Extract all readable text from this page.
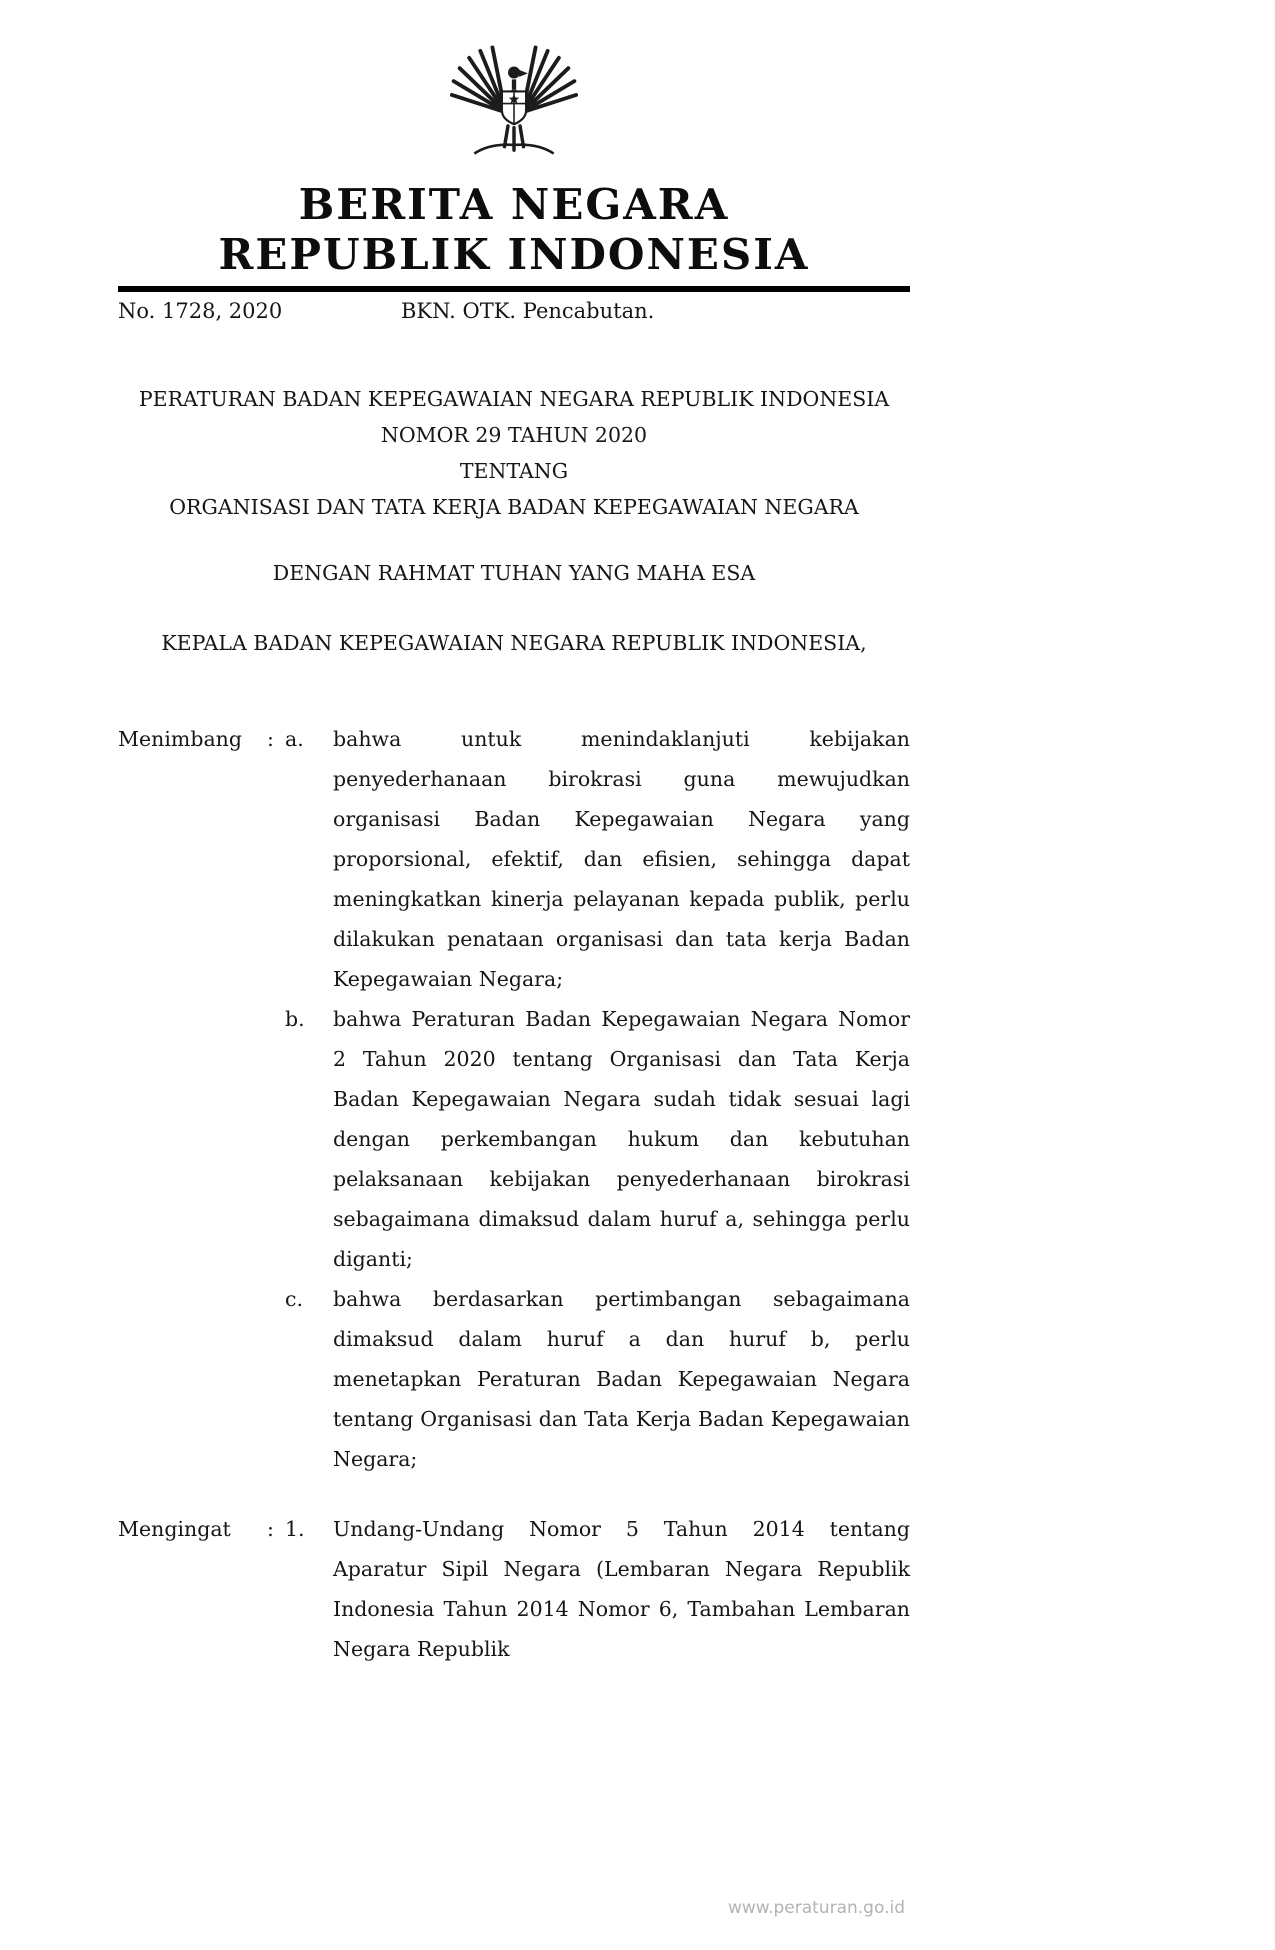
BERITA NEGARA
REPUBLIK INDONESIA
No. 1728, 2020	BKN. OTK. Pencabutan.
PERATURAN BADAN KEPEGAWAIAN NEGARA REPUBLIK INDONESIA
NOMOR 29 TAHUN 2020
TENTANG
ORGANISASI DAN TATA KERJA BADAN KEPEGAWAIAN NEGARA
DENGAN RAHMAT TUHAN YANG MAHA ESA
KEPALA BADAN KEPEGAWAIAN NEGARA REPUBLIK INDONESIA,
Menimbang	: a.	bahwa untuk menindaklanjuti kebijakan penyederhanaan birokrasi guna mewujudkan organisasi Badan Kepegawaian Negara yang proporsional, efektif, dan efisien, sehingga dapat meningkatkan kinerja pelayanan kepada publik, perlu dilakukan penataan organisasi dan tata kerja Badan Kepegawaian Negara;
b.	bahwa Peraturan Badan Kepegawaian Negara Nomor 2 Tahun 2020 tentang Organisasi dan Tata Kerja Badan Kepegawaian Negara sudah tidak sesuai lagi dengan perkembangan hukum dan kebutuhan pelaksanaan kebijakan penyederhanaan birokrasi sebagaimana dimaksud dalam huruf a, sehingga perlu diganti;
c.	bahwa berdasarkan pertimbangan sebagaimana dimaksud dalam huruf a dan huruf b, perlu menetapkan Peraturan Badan Kepegawaian Negara tentang Organisasi dan Tata Kerja Badan Kepegawaian Negara;
Mengingat	: 1.	Undang-Undang Nomor 5 Tahun 2014 tentang Aparatur Sipil Negara (Lembaran Negara Republik Indonesia Tahun 2014 Nomor 6, Tambahan Lembaran Negara Republik
www.peraturan.go.id
